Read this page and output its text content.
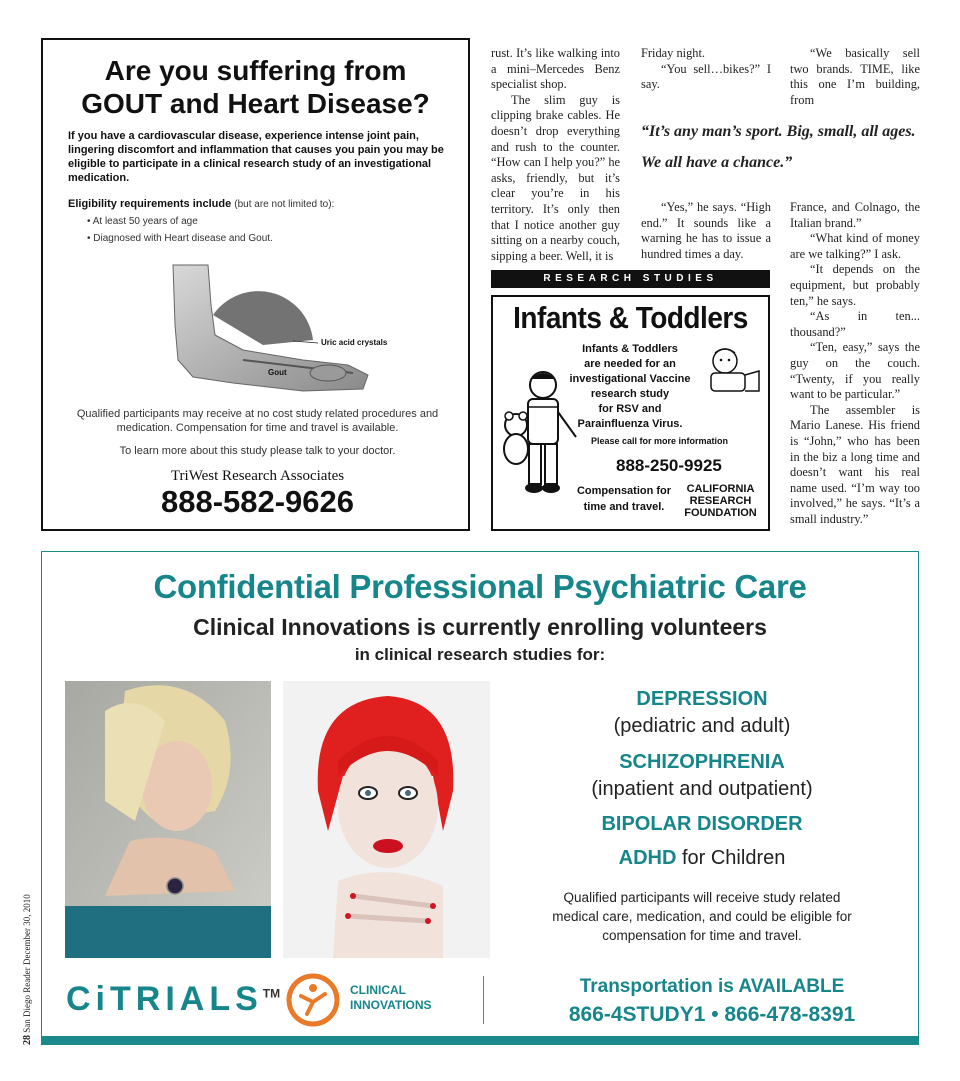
Are you suffering from
GOUT and Heart Disease?

If you have a cardiovascular disease, experience intense joint pain, lingering discomfort and inflammation that causes you pain you may be eligible to participate in a clinical research study of an investigational medication.

Eligibility requirements include (but are not limited to):

• At least 50 years of age
• Diagnosed with Heart disease and Gout.
Uric acid crystals
Gout

Qualified participants may receive at no cost study related procedures and medication. Compensation for time and travel is available.

To learn more about this study please talk to your doctor.

TriWest Research Associates

888-582-9626

rust. It’s like walking into a mini–Mercedes Benz specialist shop.

The slim guy is clipping brake cables. He doesn’t drop everything and rush to the counter. “How can I help you?” he asks, friendly, but it’s clear you’re in his territory. It’s only then that I notice another guy sitting on a nearby couch, sipping a beer. Well, it is

Friday night.

“You sell…bikes?” I say.

“We basically sell two brands. TIME, like this one I’m building, from

“It’s any man’s sport. Big, small, all ages. We all have a chance.”

“Yes,” he says. “High end.” It sounds like a warning he has to issue a hundred times a day.

France, and Colnago, the Italian brand.”

“What kind of money are we talking?” I ask.

“It depends on the equipment, but probably ten,” he says.

“As in ten... thousand?”

“Ten, easy,” says the guy on the couch. “Twenty, if you really want to be particular.”

The assembler is Mario Lanese. His friend is “John,” who has been in the biz a long time and doesn’t want his real name used. “I’m way too involved,” he says. “It’s a small industry.”

RESEARCH STUDIES
Infants & Toddlers
Infants & Toddlers
are needed for an
investigational Vaccine
research study
for RSV and
Parainfluenza Virus.
Please call for more information
888-250-9925
Compensation for time and travel.
CALIFORNIA
RESEARCH
FOUNDATION
Confidential Professional Psychiatric Care

Clinical Innovations is currently enrolling volunteers

in clinical research studies for:

DEPRESSION
(pediatric and adult)
SCHIZOPHRENIA
(inpatient and outpatient)
BIPOLAR DISORDER
ADHD for Children

Qualified participants will receive study related medical care, medication, and could be eligible for compensation for time and travel.

CiTRIALS™	CLINICAL
INNOVATIONS
Transportation is AVAILABLE
866-4STUDY1 • 866-478-8391
28 San Diego Reader December 30, 2010
